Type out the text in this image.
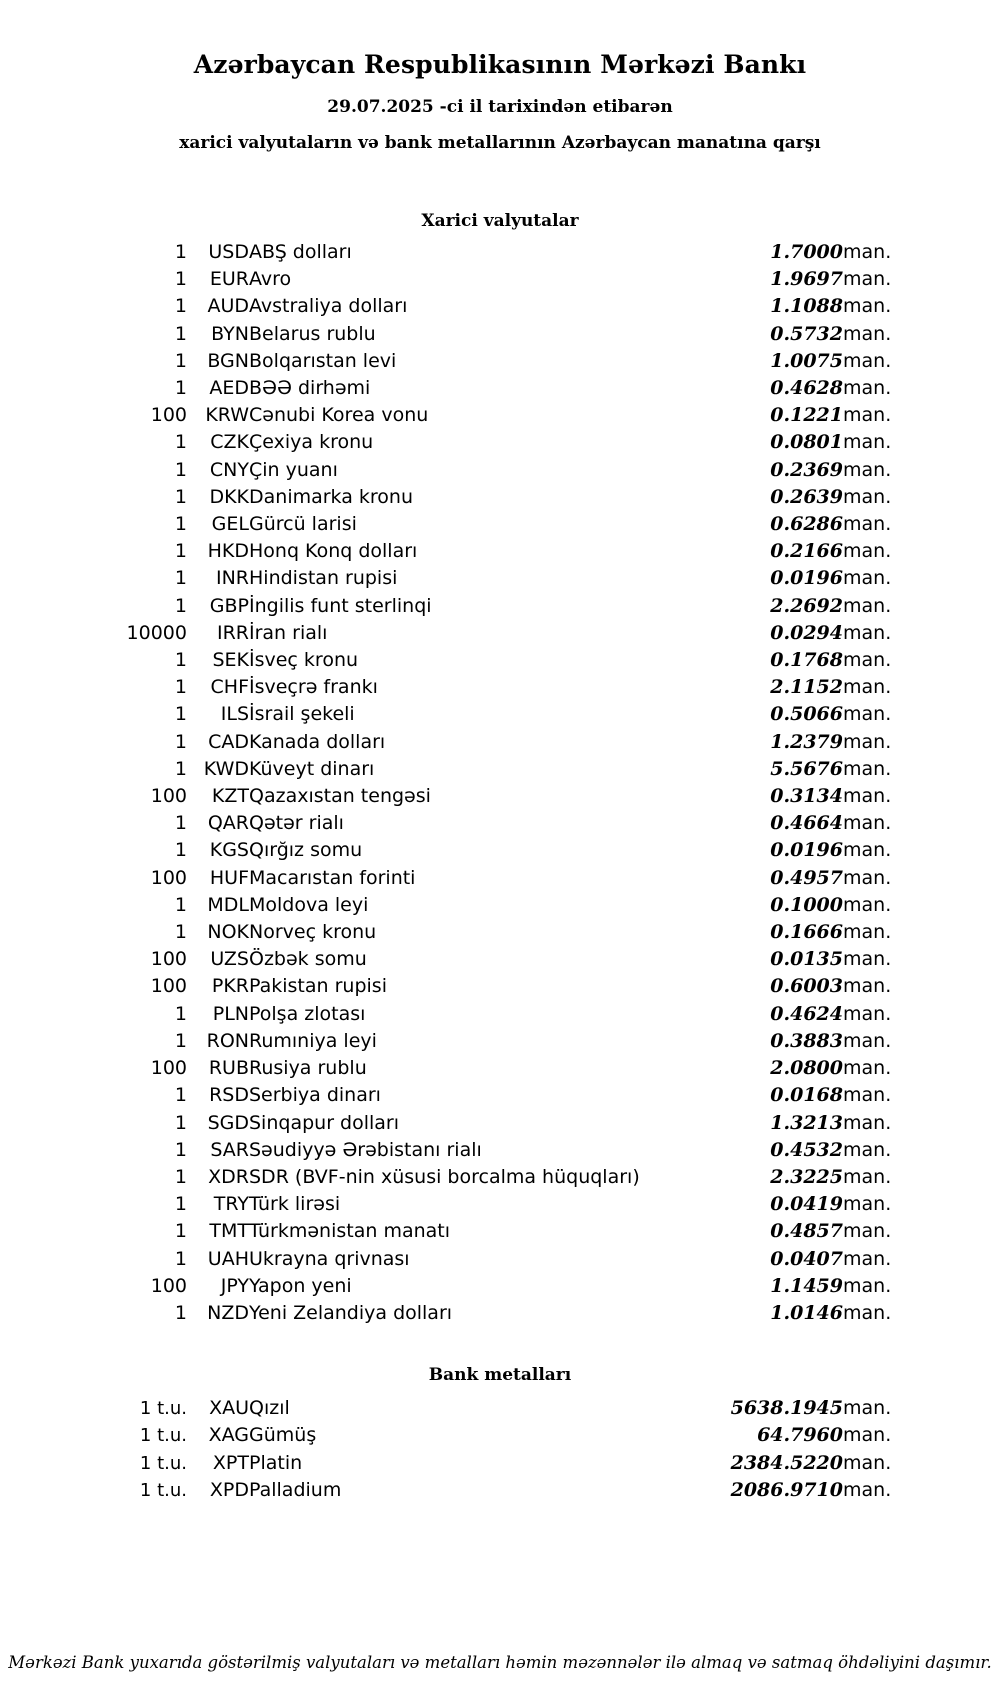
Azərbaycan Respublikasının Mərkəzi Bankı
29.07.2025 -ci il tarixindən etibarən
xarici valyutaların və bank metallarının Azərbaycan manatına qarşı
Xarici valyutalar
1	USD	ABŞ dolları	1.7000	man.
1	EUR	Avro	1.9697	man.
1	AUD	Avstraliya dolları	1.1088	man.
1	BYN	Belarus rublu	0.5732	man.
1	BGN	Bolqarıstan levi	1.0075	man.
1	AED	BƏƏ dirhəmi	0.4628	man.
100	KRW	Cənubi Korea vonu	0.1221	man.
1	CZK	Çexiya kronu	0.0801	man.
1	CNY	Çin yuanı	0.2369	man.
1	DKK	Danimarka kronu	0.2639	man.
1	GEL	Gürcü larisi	0.6286	man.
1	HKD	Honq Konq dolları	0.2166	man.
1	INR	Hindistan rupisi	0.0196	man.
1	GBP	İngilis funt sterlinqi	2.2692	man.
10000	IRR	İran rialı	0.0294	man.
1	SEK	İsveç kronu	0.1768	man.
1	CHF	İsveçrə frankı	2.1152	man.
1	ILS	İsrail şekeli	0.5066	man.
1	CAD	Kanada dolları	1.2379	man.
1	KWD	Küveyt dinarı	5.5676	man.
100	KZT	Qazaxıstan tengəsi	0.3134	man.
1	QAR	Qətər rialı	0.4664	man.
1	KGS	Qırğız somu	0.0196	man.
100	HUF	Macarıstan forinti	0.4957	man.
1	MDL	Moldova leyi	0.1000	man.
1	NOK	Norveç kronu	0.1666	man.
100	UZS	Özbək somu	0.0135	man.
100	PKR	Pakistan rupisi	0.6003	man.
1	PLN	Polşa zlotası	0.4624	man.
1	RON	Rumıniya leyi	0.3883	man.
100	RUB	Rusiya rublu	2.0800	man.
1	RSD	Serbiya dinarı	0.0168	man.
1	SGD	Sinqapur dolları	1.3213	man.
1	SAR	Səudiyyə Ərəbistanı rialı	0.4532	man.
1	XDR	SDR (BVF-nin xüsusi borcalma hüquqları)	2.3225	man.
1	TRY	Türk lirəsi	0.0419	man.
1	TMT	Türkmənistan manatı	0.4857	man.
1	UAH	Ukrayna qrivnası	0.0407	man.
100	JPY	Yapon yeni	1.1459	man.
1	NZD	Yeni Zelandiya dolları	1.0146	man.
Bank metalları
1 t.u.	XAU	Qızıl	5638.1945	man.
1 t.u.	XAG	Gümüş	64.7960	man.
1 t.u.	XPT	Platin	2384.5220	man.
1 t.u.	XPD	Palladium	2086.9710	man.
Mərkəzi Bank yuxarıda göstərilmiş valyutaları və metalları həmin məzənnələr ilə almaq və satmaq öhdəliyini daşımır.
